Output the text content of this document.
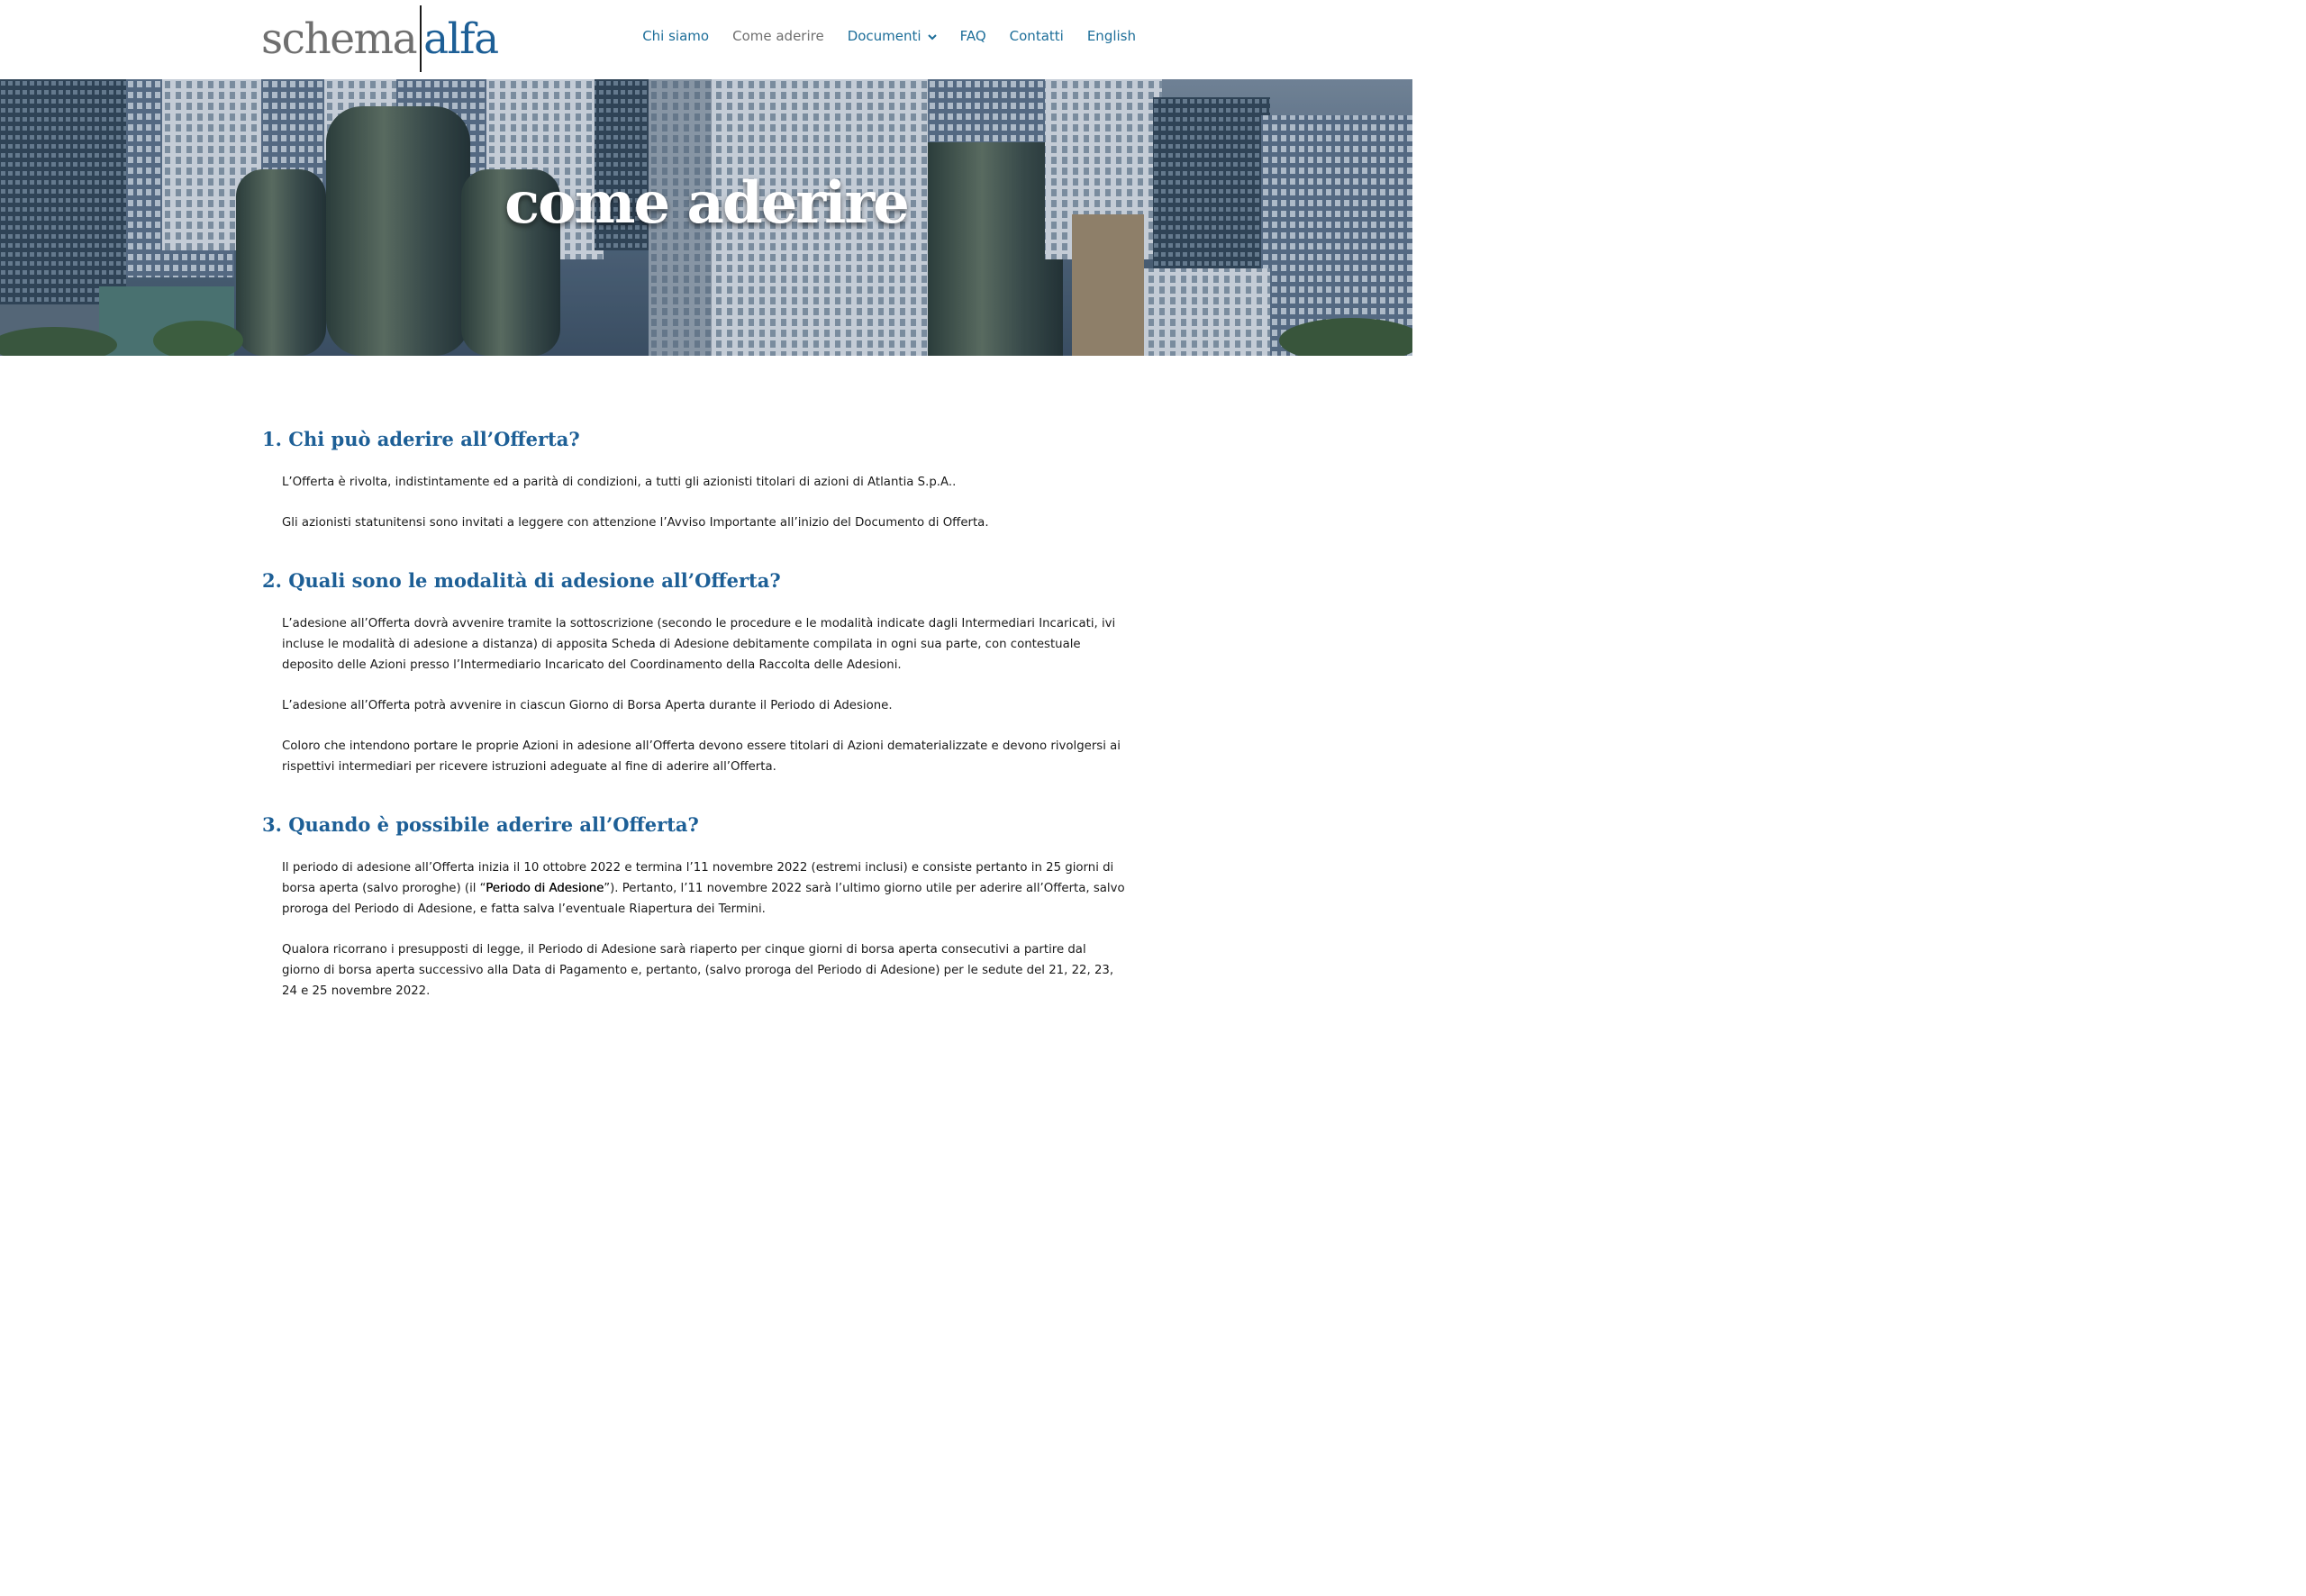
schema alfa	Chi siamo Come aderire Documenti	FAQ Contatti English
come aderire
1. Chi può aderire all’Offerta?

L’Offerta è rivolta, indistintamente ed a parità di condizioni, a tutti gli azionisti titolari di azioni di Atlantia S.p.A..

Gli azionisti statunitensi sono invitati a leggere con attenzione l’Avviso Importante all’inizio del Documento di Offerta.

2. Quali sono le modalità di adesione all’Offerta?

L’adesione all’Offerta dovrà avvenire tramite la sottoscrizione (secondo le procedure e le modalità indicate dagli Intermediari Incaricati, ivi incluse le modalità di adesione a distanza) di apposita Scheda di Adesione debitamente compilata in ogni sua parte, con contestuale deposito delle Azioni presso l’Intermediario Incaricato del Coordinamento della Raccolta delle Adesioni.

L’adesione all’Offerta potrà avvenire in ciascun Giorno di Borsa Aperta durante il Periodo di Adesione.

Coloro che intendono portare le proprie Azioni in adesione all’Offerta devono essere titolari di Azioni dematerializzate e devono rivolgersi ai rispettivi intermediari per ricevere istruzioni adeguate al fine di aderire all’Offerta.

3. Quando è possibile aderire all’Offerta?

Il periodo di adesione all’Offerta inizia il 10 ottobre 2022 e termina l’11 novembre 2022 (estremi inclusi) e consiste pertanto in 25 giorni di borsa aperta (salvo proroghe) (il “Periodo di Adesione”). Pertanto, l’11 novembre 2022 sarà l’ultimo giorno utile per aderire all’Offerta, salvo proroga del Periodo di Adesione, e fatta salva l’eventuale Riapertura dei Termini.

Qualora ricorrano i presupposti di legge, il Periodo di Adesione sarà riaperto per cinque giorni di borsa aperta consecutivi a partire dal giorno di borsa aperta successivo alla Data di Pagamento e, pertanto, (salvo proroga del Periodo di Adesione) per le sedute del 21, 22, 23, 24 e 25 novembre 2022.
